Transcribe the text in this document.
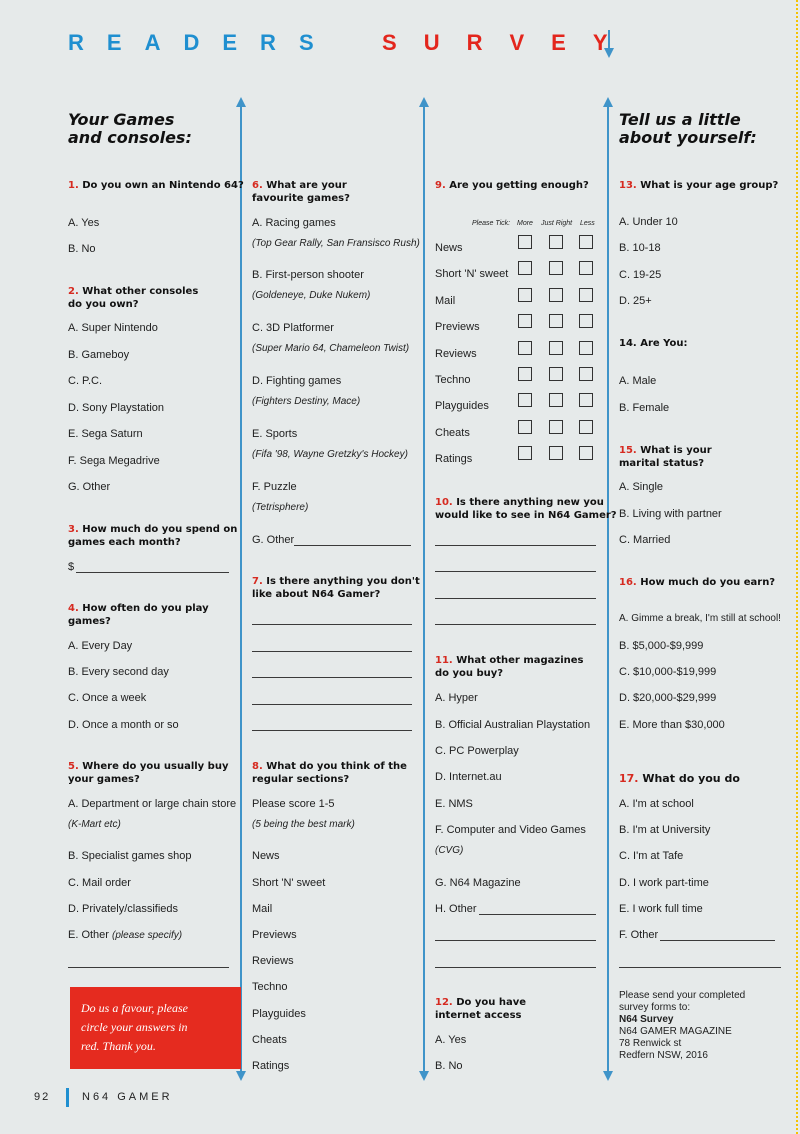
R E A D E R S	S U R V E Y
Your Games
and consoles:
1. Do you own an Nintendo 64?
A. Yes
B. No
2. What other consoles
do you own?
A. Super Nintendo
B. Gameboy
C. P.C.
D. Sony Playstation
E. Sega Saturn
F. Sega Megadrive
G. Other
3. How much do you spend on
games each month?
$
4. How often do you play
games?
A. Every Day
B. Every second day
C. Once a week
D. Once a month or so
5. Where do you usually buy
your games?
A. Department or large chain store
(K-Mart etc)
B. Specialist games shop
C. Mail order
D. Privately/classifieds
E. Other (please specify)

Do us a favour, please
circle your answers in
red. Thank you.

6. What are your
favourite games?
A. Racing games
(Top Gear Rally, San Fransisco Rush)
B. First-person shooter
(Goldeneye, Duke Nukem)
C. 3D Platformer
(Super Mario 64, Chameleon Twist)
D. Fighting games
(Fighters Destiny, Mace)
E. Sports
(Fifa '98, Wayne Gretzky's Hockey)
F. Puzzle
(Tetrisphere)
G. Other
7. Is there anything you don't
like about N64 Gamer?
8. What do you think of the
regular sections?
Please score 1-5
(5 being the best mark)
News
Short 'N' sweet
Mail
Previews
Reviews
Techno
Playguides
Cheats
Ratings
9. Are you getting enough?
Please Tick: More Just Right Less
News
Short 'N' sweet
Mail
Previews
Reviews
Techno
Playguides
Cheats
Ratings
10. Is there anything new you
would like to see in N64 Gamer?
11. What other magazines
do you buy?
A. Hyper
B. Official Australian Playstation
C. PC Powerplay
D. Internet.au
E. NMS
F. Computer and Video Games
(CVG)
G. N64 Magazine
H. Other
12. Do you have
internet access
A. Yes
B. No
Tell us a little
about yourself:
13. What is your age group?
A. Under 10
B. 10-18
C. 19-25
D. 25+
14. Are You:
A. Male
B. Female
15. What is your
marital status?
A. Single
B. Living with partner
C. Married
16. How much do you earn?
A. Gimme a break, I'm still at school!
B. $5,000-$9,999
C. $10,000-$19,999
D. $20,000-$29,999
E. More than $30,000
17. What do you do
A. I'm at school
B. I'm at University
C. I'm at Tafe
D. I work part-time
E. I work full time
F. Other
Please send your completed
survey forms to:
N64 Survey
N64 GAMER MAGAZINE
78 Renwick st
Redfern NSW, 2016
92	N64 GAMER
